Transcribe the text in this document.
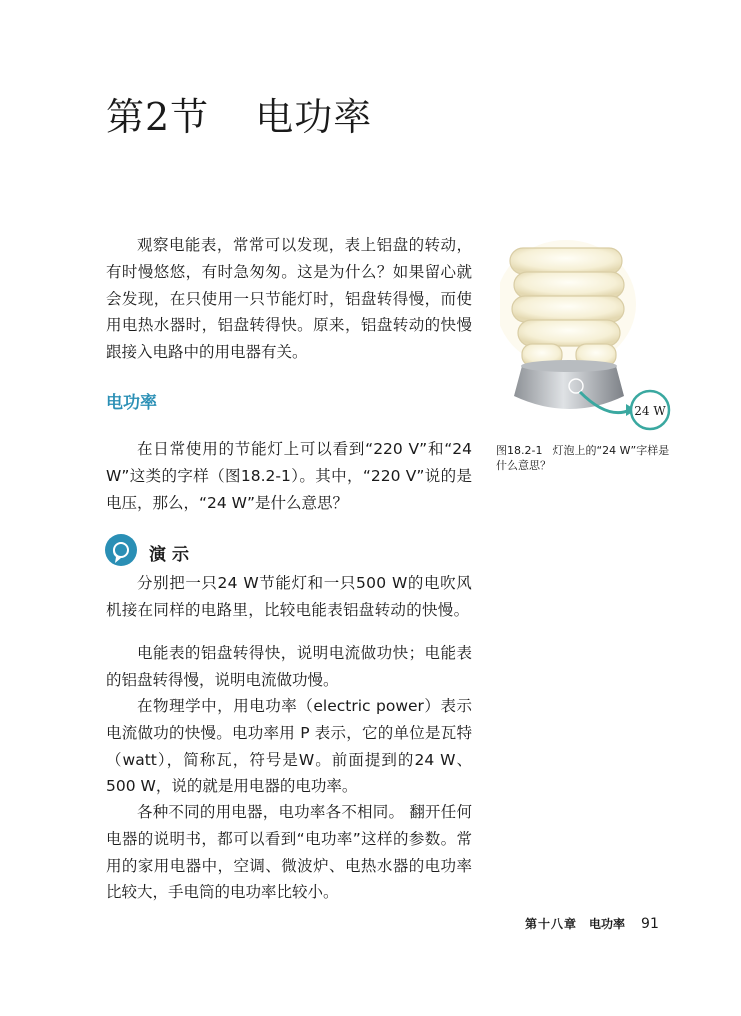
第2节 电功率

观察电能表，常常可以发现，表上铝盘的转动，有时慢悠悠，有时急匆匆。这是为什么？如果留心就会发现，在只使用一只节能灯时，铝盘转得慢，而使用电热水器时，铝盘转得快。原来，铝盘转动的快慢跟接入电路中的用电器有关。

电功率

在日常使用的节能灯上可以看到“220 V”和“24 W”这类的字样（图18.2-1）。其中，“220 V”说的是电压，那么，“24 W”是什么意思？

演示

分别把一只24 W节能灯和一只500 W的电吹风机接在同样的电路里，比较电能表铝盘转动的快慢。

电能表的铝盘转得快，说明电流做功快；电能表的铝盘转得慢，说明电流做功慢。

在物理学中，用电功率（electric power）表示电流做功的快慢。电功率用 P 表示，它的单位是瓦特（watt），简称瓦，符号是W。前面提到的24 W、500 W，说的就是用电器的电功率。

各种不同的用电器，电功率各不相同。 翻开任何电器的说明书，都可以看到“电功率”这样的参数。常用的家用电器中，空调、微波炉、电热水器的电功率比较大，手电筒的电功率比较小。

24 W

图18.2-1 灯泡上的“24 W”字样是什么意思？

第十八章 电功率 91
